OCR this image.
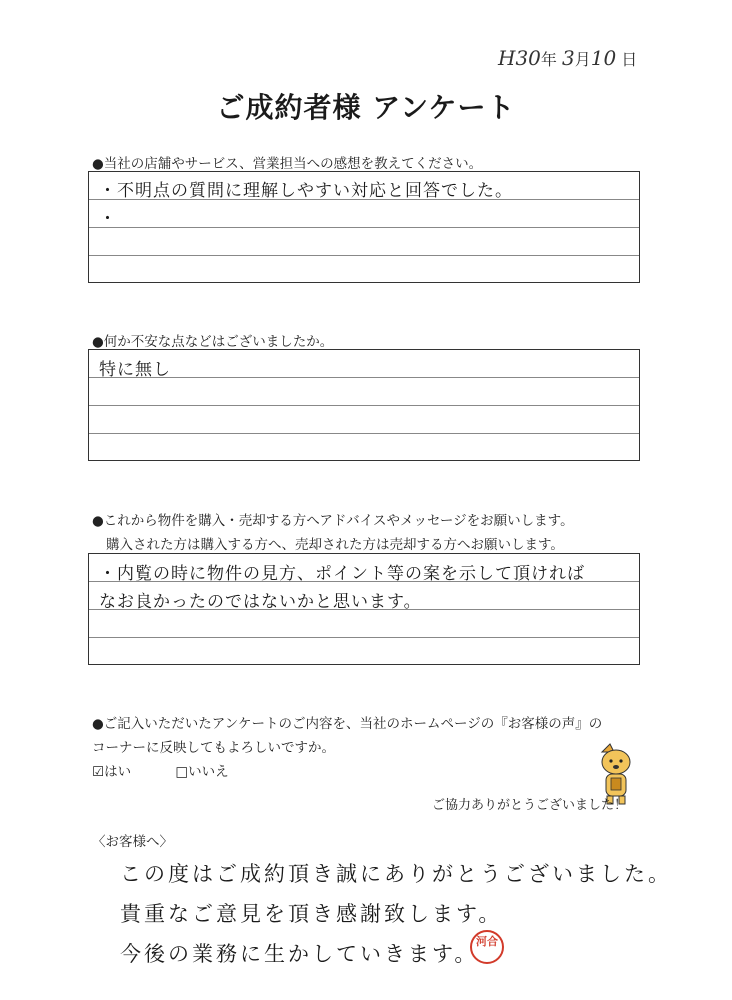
H30年 3月10 日
ご成約者様 アンケート
●当社の店舗やサービス、営業担当への感想を教えてください。
・不明点の質問に理解しやすい対応と回答でした。
・
●何か不安な点などはございましたか。
特に無し
●これから物件を購入・売却する方へアドバイスやメッセージをお願いします。
購入された方は購入する方へ、売却された方は売却する方へお願いします。
・内覧の時に物件の見方、ポイント等の案を示して頂ければ
なお良かったのではないかと思います。
●ご記入いただいたアンケートのご内容を、当社のホームページの『お客様の声』の
コーナーに反映してもよろしいですか。
☑はい	□いいえ
ご協力ありがとうございました！
〈お客様へ〉
この度はご成約頂き誠にありがとうございました。
貴重なご意見を頂き感謝致します。
今後の業務に生かしていきます。
河合
